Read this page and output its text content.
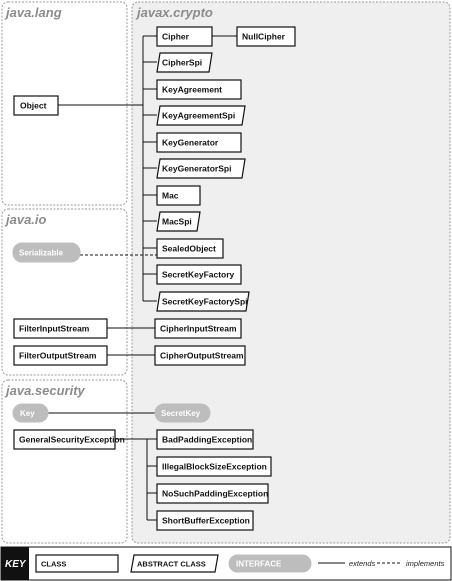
java.lang	javax.crypto
java.io
java.security
Object
Cipher	NullCipher
CipherSpi
KeyAgreement
KeyAgreementSpi
KeyGenerator
KeyGeneratorSpi
Mac
MacSpi
SealedObject
SecretKeyFactory
SecretKeyFactorySpi
Serializable
FilterInputStream	CipherInputStream
FilterOutputStream	CipherOutputStream
Key	SecretKey
GeneralSecurityException	BadPaddingException
IllegalBlockSizeException
NoSuchPaddingException
ShortBufferException
KEY CLASS	ABSTRACT CLASS	INTERFACE	extends	implements
